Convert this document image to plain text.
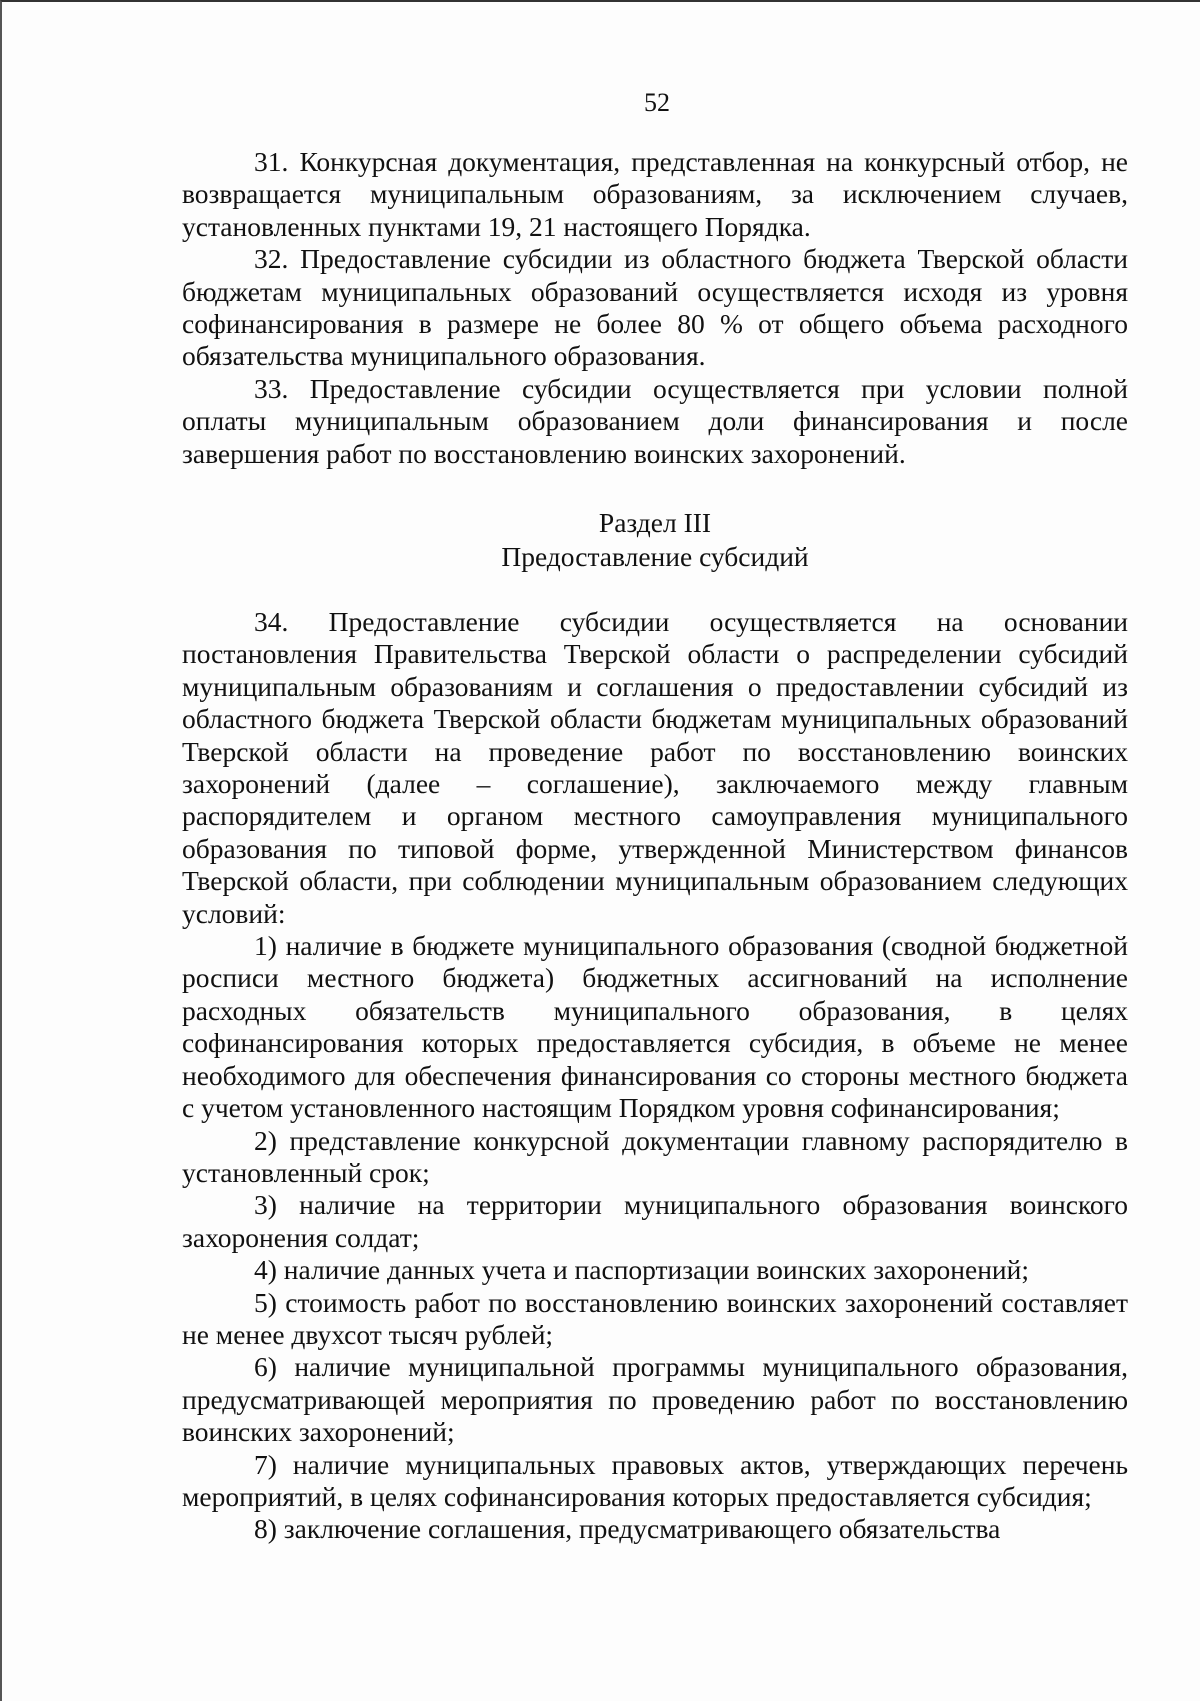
52

31. Конкурсная документация, представленная на конкурсный отбор, не возвращается муниципальным образованиям, за исключением случаев, установленных пунктами 19, 21 настоящего Порядка.

32. Предоставление субсидии из областного бюджета Тверской области бюджетам муниципальных образований осуществляется исходя из уровня софинансирования в размере не более 80 % от общего объема расходного обязательства муниципального образования.

33. Предоставление субсидии осуществляется при условии полной оплаты муниципальным образованием доли финансирования и после завершения работ по восстановлению воинских захоронений.

Раздел III
Предоставление субсидий

34. Предоставление субсидии осуществляется на основании постановления Правительства Тверской области о распределении субсидий муниципальным образованиям и соглашения о предоставлении субсидий из областного бюджета Тверской области бюджетам муниципальных образований Тверской области на проведение работ по восстановлению воинских захоронений (далее – соглашение), заключаемого между главным распорядителем и органом местного самоуправления муниципального образования по типовой форме, утвержденной Министерством финансов Тверской области, при соблюдении муниципальным образованием следующих условий:

1) наличие в бюджете муниципального образования (сводной бюджетной росписи местного бюджета) бюджетных ассигнований на исполнение расходных обязательств муниципального образования, в целях софинансирования которых предоставляется субсидия, в объеме не менее необходимого для обеспечения финансирования со стороны местного бюджета с учетом установленного настоящим Порядком уровня софинансирования;

2) представление конкурсной документации главному распорядителю в установленный срок;

3) наличие на территории муниципального образования воинского захоронения солдат;

4) наличие данных учета и паспортизации воинских захоронений;

5) стоимость работ по восстановлению воинских захоронений составляет не менее двухсот тысяч рублей;

6) наличие муниципальной программы муниципального образования, предусматривающей мероприятия по проведению работ по восстановлению воинских захоронений;

7) наличие муниципальных правовых актов, утверждающих перечень мероприятий, в целях софинансирования которых предоставляется субсидия;

8) заключение соглашения, предусматривающего обязательства
